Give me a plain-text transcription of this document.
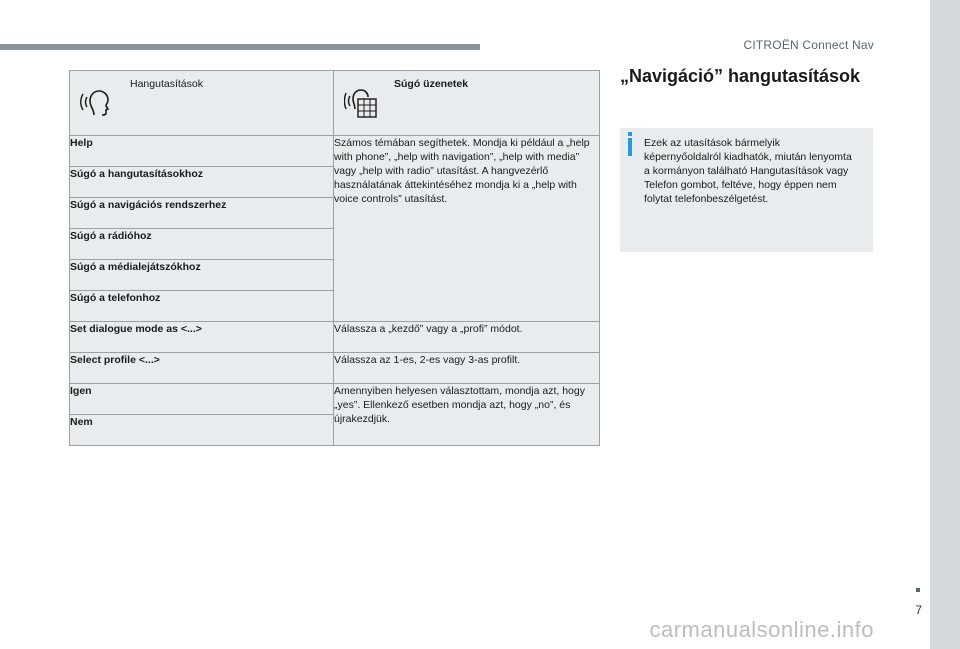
CITROËN Connect Nav
7
Hangutasítások	Súgó üzenetek

Help	Számos témában segíthetek. Mondja ki például a „help with phone”, „help with navigation”, „help with media” vagy „help with radio” utasítást. A hangvezérlő használatának áttekintéséhez mondja ki a „help with voice controls” utasítást.
Súgó a hangutasításokhoz	
Súgó a navigációs rendszerhez	
Súgó a rádióhoz	
Súgó a médialejátszókhoz	
Súgó a telefonhoz	
Set dialogue mode as <...>	Válassza a „kezdő” vagy a „profi” módot.
Select profile <...>	Válassza az 1-es, 2-es vagy 3-as profilt.
Igen	Amennyiben helyesen választottam, mondja azt, hogy „yes”. Ellenkező esetben mondja azt, hogy „no”, és újrakezdjük.
Nem	
„Navigáció” hangutasítások
Ezek az utasítások bármelyik képernyőoldalról kiadhatók, miután lenyomta a kormányon található Hangutasítások vagy Telefon gombot, feltéve, hogy éppen nem folytat telefonbeszélgetést.
carmanualsonline.info
